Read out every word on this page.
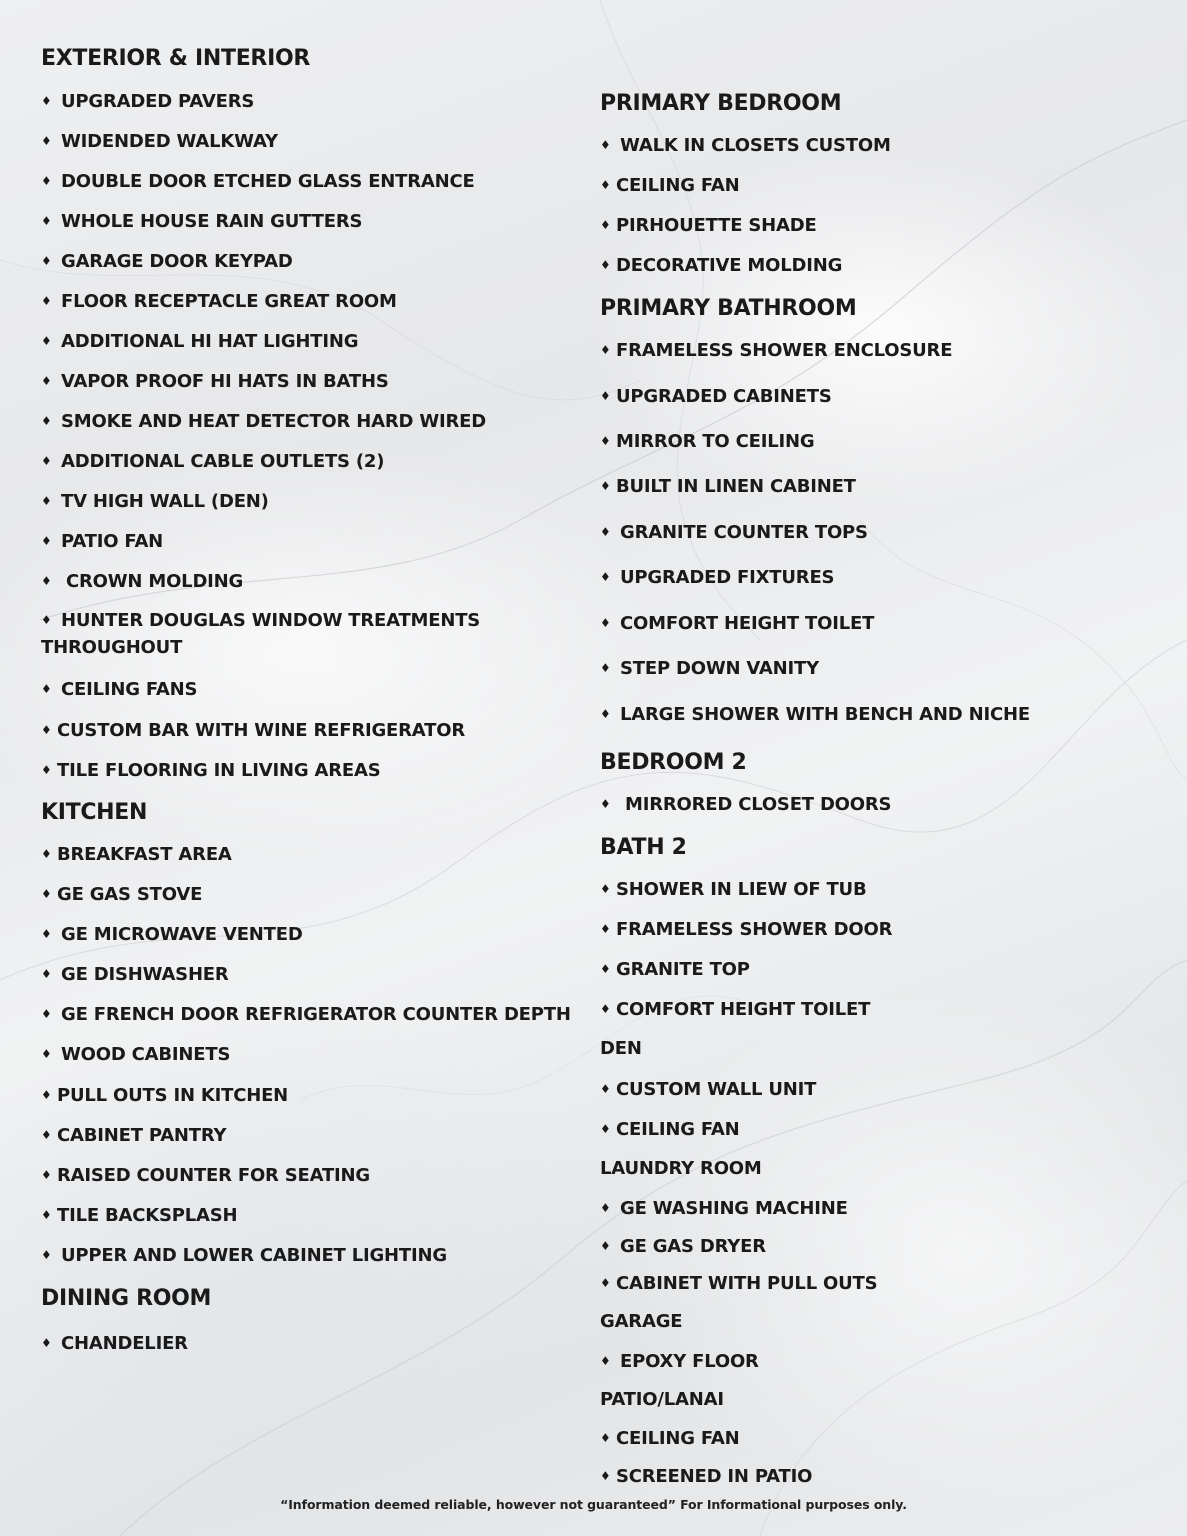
EXTERIOR & INTERIOR
♦ UPGRADED PAVERS
♦ WIDENDED WALKWAY
♦ DOUBLE DOOR ETCHED GLASS ENTRANCE
♦ WHOLE HOUSE RAIN GUTTERS
♦ GARAGE DOOR KEYPAD
♦ FLOOR RECEPTACLE GREAT ROOM
♦ ADDITIONAL HI HAT LIGHTING
♦ VAPOR PROOF HI HATS IN BATHS
♦ SMOKE AND HEAT DETECTOR HARD WIRED
♦ ADDITIONAL CABLE OUTLETS (2)
♦ TV HIGH WALL (DEN)
♦ PATIO FAN
♦ CROWN MOLDING
♦ HUNTER DOUGLAS WINDOW TREATMENTS THROUGHOUT
♦ CEILING FANS
♦ CUSTOM BAR WITH WINE REFRIGERATOR
♦ TILE FLOORING IN LIVING AREAS
KITCHEN
♦ BREAKFAST AREA
♦ GE GAS STOVE
♦ GE MICROWAVE VENTED
♦ GE DISHWASHER
♦ GE FRENCH DOOR REFRIGERATOR COUNTER DEPTH
♦ WOOD CABINETS
♦ PULL OUTS IN KITCHEN
♦ CABINET PANTRY
♦ RAISED COUNTER FOR SEATING
♦ TILE BACKSPLASH
♦ UPPER AND LOWER CABINET LIGHTING
DINING ROOM
♦ CHANDELIER
PRIMARY BEDROOM
♦ WALK IN CLOSETS CUSTOM
♦ CEILING FAN
♦ PIRHOUETTE SHADE
♦ DECORATIVE MOLDING
PRIMARY BATHROOM
♦ FRAMELESS SHOWER ENCLOSURE
♦ UPGRADED CABINETS
♦ MIRROR TO CEILING
♦ BUILT IN LINEN CABINET
♦ GRANITE COUNTER TOPS
♦ UPGRADED FIXTURES
♦ COMFORT HEIGHT TOILET
♦ STEP DOWN VANITY
♦ LARGE SHOWER WITH BENCH AND NICHE
BEDROOM 2
♦ MIRRORED CLOSET DOORS
BATH 2
♦ SHOWER IN LIEW OF TUB
♦ FRAMELESS SHOWER DOOR
♦ GRANITE TOP
♦ COMFORT HEIGHT TOILET
DEN
♦ CUSTOM WALL UNIT
♦ CEILING FAN
LAUNDRY ROOM
♦ GE WASHING MACHINE
♦ GE GAS DRYER
♦ CABINET WITH PULL OUTS
GARAGE
♦ EPOXY FLOOR
PATIO/LANAI
♦ CEILING FAN
♦ SCREENED IN PATIO
“Information deemed reliable, however not guaranteed” For Informational purposes only.
